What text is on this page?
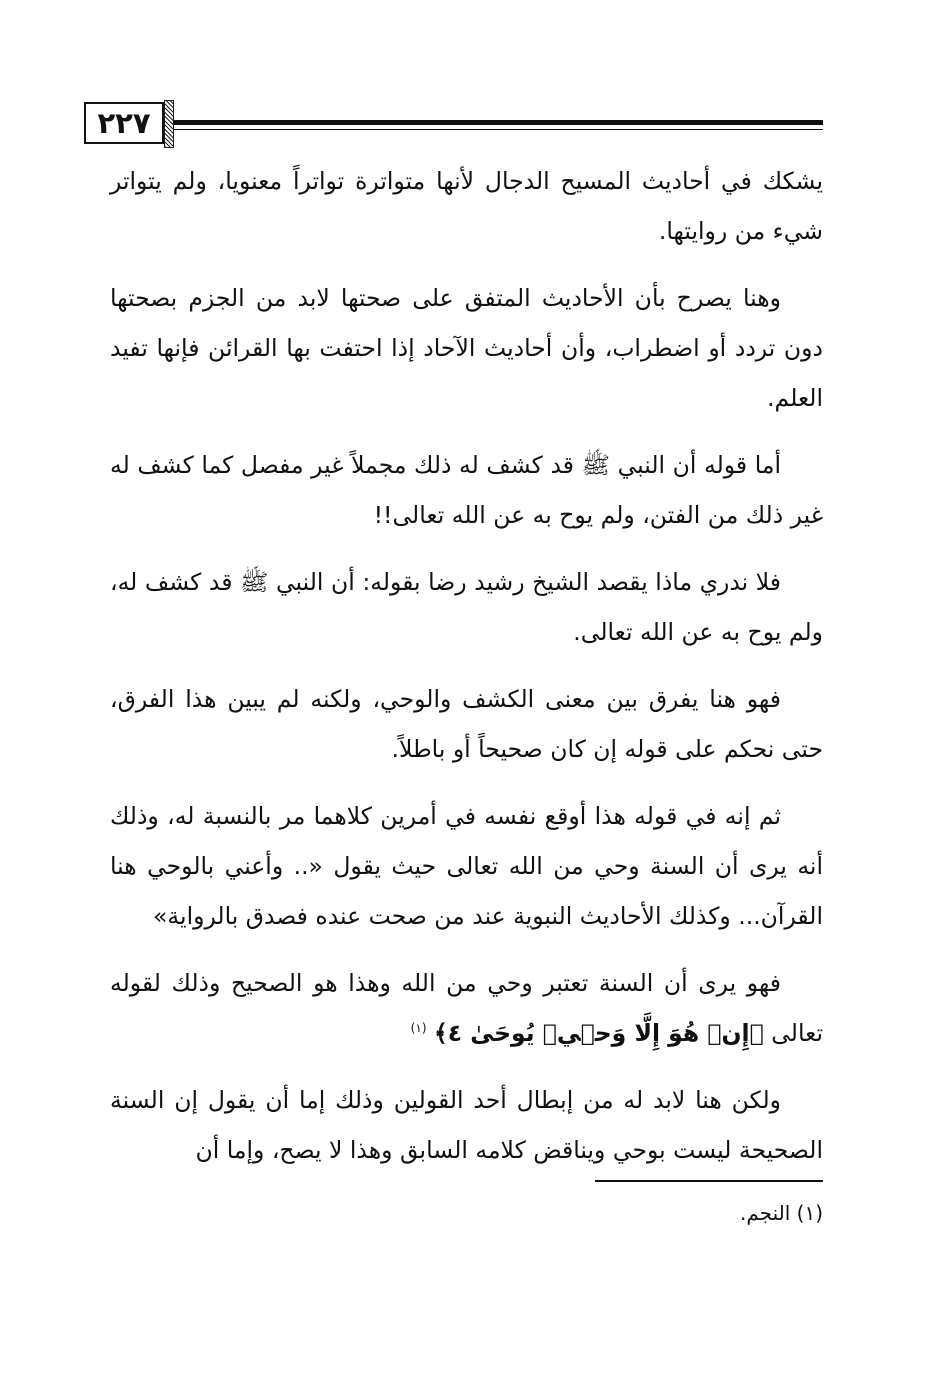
٢٢٧

يشكك في أحاديث المسيح الدجال لأنها متواترة تواتراً معنويا، ولم يتواتر شيء من روايتها.

وهنا يصرح بأن الأحاديث المتفق على صحتها لابد من الجزم بصحتها دون تردد أو اضطراب، وأن أحاديث الآحاد إذا احتفت بها القرائن فإنها تفيد العلم.

أما قوله أن النبي ﷺ قد كشف له ذلك مجملاً غير مفصل كما كشف له غير ذلك من الفتن، ولم يوح به عن الله تعالى!!

فلا ندري ماذا يقصد الشيخ رشيد رضا بقوله: أن النبي ﷺ قد كشف له، ولم يوح به عن الله تعالى.

فهو هنا يفرق بين معنى الكشف والوحي، ولكنه لم يبين هذا الفرق، حتى نحكم على قوله إن كان صحيحاً أو باطلاً.

ثم إنه في قوله هذا أوقع نفسه في أمرين كلاهما مر بالنسبة له، وذلك أنه يرى أن السنة وحي من الله تعالى حيث يقول «.. وأعني بالوحي هنا القرآن... وكذلك الأحاديث النبوية عند من صحت عنده فصدق بالرواية»

فهو يرى أن السنة تعتبر وحي من الله وهذا هو الصحيح وذلك لقوله تعالى ﴿إِنۡ هُوَ إِلَّا وَحۡيٞ يُوحَىٰ ٤﴾ $^{(١)}$

ولكن هنا لابد له من إبطال أحد القولين وذلك إما أن يقول إن السنة الصحيحة ليست بوحي ويناقض كلامه السابق وهذا لا يصح، وإما أن

(١) النجم.
